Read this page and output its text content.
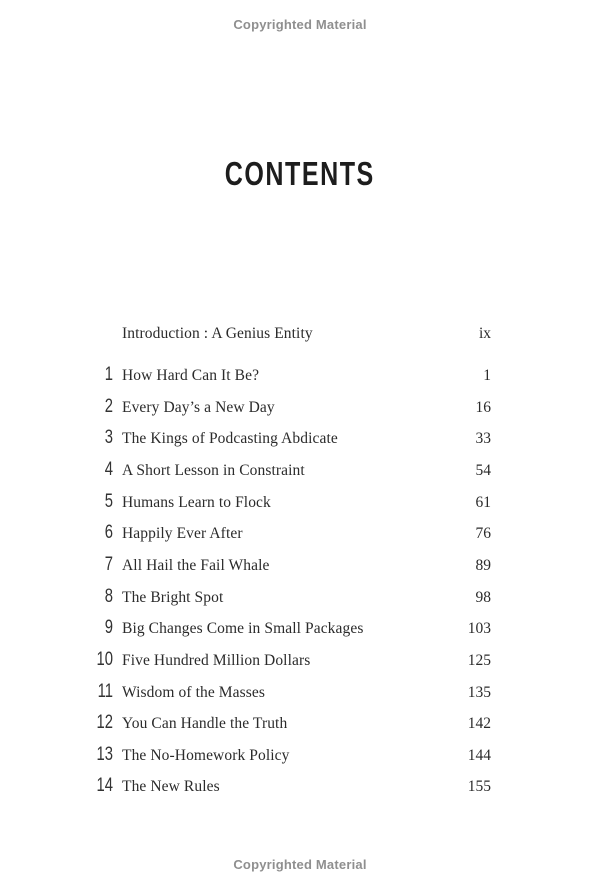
Copyrighted Material
CONTENTS
Introduction : A Genius Entity	ix
1 How Hard Can It Be?	1
2 Every Day’s a New Day	16
3 The Kings of Podcasting Abdicate	33
4 A Short Lesson in Constraint	54
5 Humans Learn to Flock	61
6 Happily Ever After	76
7 All Hail the Fail Whale	89
8 The Bright Spot	98
9 Big Changes Come in Small Packages	103
10 Five Hundred Million Dollars	125
11 Wisdom of the Masses	135
12 You Can Handle the Truth	142
13 The No-Homework Policy	144
14 The New Rules	155
Copyrighted Material
